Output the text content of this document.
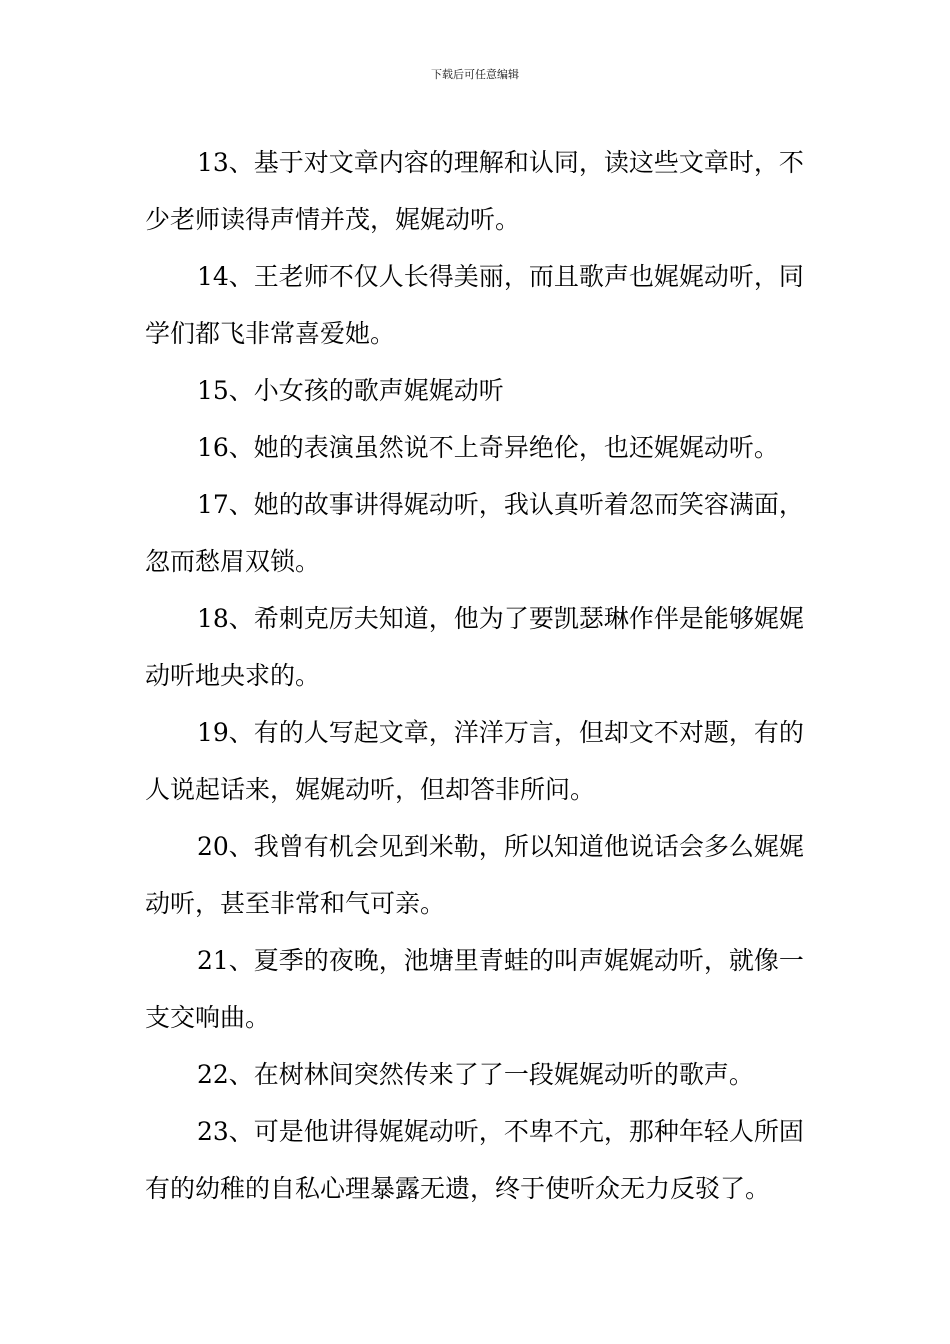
下载后可任意编辑
13、基于对文章内容的理解和认同，读这些文章时，不少老师读得声情并茂，娓娓动听。
14、王老师不仅人长得美丽，而且歌声也娓娓动听，同学们都飞非常喜爱她。
15、小女孩的歌声娓娓动听
16、她的表演虽然说不上奇异绝伦，也还娓娓动听。
17、她的故事讲得娓动听，我认真听着忽而笑容满面，忽而愁眉双锁。
18、希刺克厉夫知道，他为了要凯瑟琳作伴是能够娓娓动听地央求的。
19、有的人写起文章，洋洋万言，但却文不对题，有的人说起话来，娓娓动听，但却答非所问。
20、我曾有机会见到米勒，所以知道他说话会多么娓娓动听，甚至非常和气可亲。
21、夏季的夜晚，池塘里青蛙的叫声娓娓动听，就像一支交响曲。
22、在树林间突然传来了了一段娓娓动听的歌声。
23、可是他讲得娓娓动听，不卑不亢，那种年轻人所固有的幼稚的自私心理暴露无遗，终于使听众无力反驳了。
